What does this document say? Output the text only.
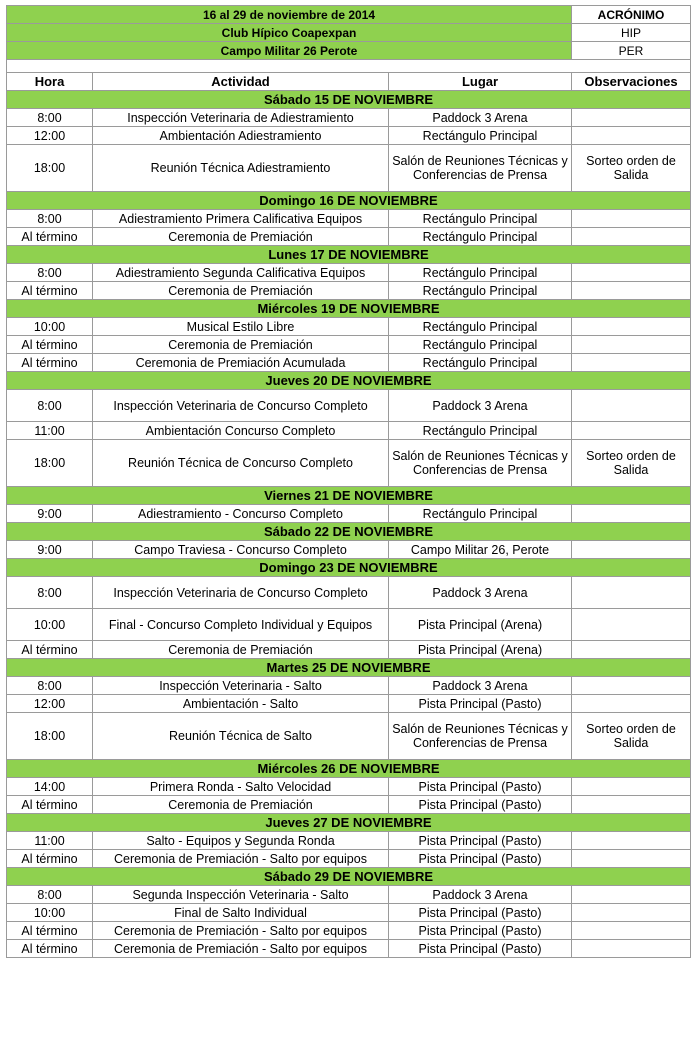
16 al 29 de noviembre de 2014			ACRÓNIMO
Club Hípico Coapexpan			HIP
Campo Militar 26 Perote			PER

Hora	Actividad	Lugar	Observaciones
Sábado 15 DE NOVIEMBRE			
8:00	Inspección Veterinaria de Adiestramiento	Paddock 3 Arena	
12:00	Ambientación Adiestramiento	Rectángulo Principal	
18:00	Reunión Técnica Adiestramiento	Salón de Reuniones Técnicas y Conferencias de Prensa	Sorteo orden de Salida
Domingo 16 DE NOVIEMBRE			
8:00	Adiestramiento Primera Calificativa Equipos	Rectángulo Principal	
Al término	Ceremonia de Premiación	Rectángulo Principal	
Lunes 17 DE NOVIEMBRE			
8:00	Adiestramiento Segunda Calificativa Equipos	Rectángulo Principal	
Al término	Ceremonia de Premiación	Rectángulo Principal	
Miércoles 19 DE NOVIEMBRE			
10:00	Musical Estilo Libre	Rectángulo Principal	
Al término	Ceremonia de Premiación	Rectángulo Principal	
Al término	Ceremonia de Premiación Acumulada	Rectángulo Principal	
Jueves 20 DE NOVIEMBRE			
8:00	Inspección Veterinaria de Concurso Completo	Paddock 3 Arena	
11:00	Ambientación Concurso Completo	Rectángulo Principal	
18:00	Reunión Técnica de Concurso Completo	Salón de Reuniones Técnicas y Conferencias de Prensa	Sorteo orden de Salida
Viernes 21 DE NOVIEMBRE			
9:00	Adiestramiento - Concurso Completo	Rectángulo Principal	
Sábado 22 DE NOVIEMBRE			
9:00	Campo Traviesa - Concurso Completo	Campo Militar 26, Perote	
Domingo 23 DE NOVIEMBRE			
8:00	Inspección Veterinaria de Concurso Completo	Paddock 3 Arena	
10:00	Final - Concurso Completo Individual y Equipos	Pista Principal (Arena)	
Al término	Ceremonia de Premiación	Pista Principal (Arena)	
Martes 25 DE NOVIEMBRE			
8:00	Inspección Veterinaria - Salto	Paddock 3 Arena	
12:00	Ambientación - Salto	Pista Principal (Pasto)	
18:00	Reunión Técnica de Salto	Salón de Reuniones Técnicas y Conferencias de Prensa	Sorteo orden de Salida
Miércoles 26 DE NOVIEMBRE			
14:00	Primera Ronda - Salto Velocidad	Pista Principal (Pasto)	
Al término	Ceremonia de Premiación	Pista Principal (Pasto)	
Jueves 27 DE NOVIEMBRE			
11:00	Salto - Equipos y Segunda Ronda	Pista Principal (Pasto)	
Al término	Ceremonia de Premiación - Salto por equipos	Pista Principal (Pasto)	
Sábado 29 DE NOVIEMBRE			
8:00	Segunda Inspección Veterinaria - Salto	Paddock 3 Arena	
10:00	Final de Salto Individual	Pista Principal (Pasto)	
Al término	Ceremonia de Premiación - Salto por equipos	Pista Principal (Pasto)	
Al término	Ceremonia de Premiación - Salto por equipos	Pista Principal (Pasto)	
